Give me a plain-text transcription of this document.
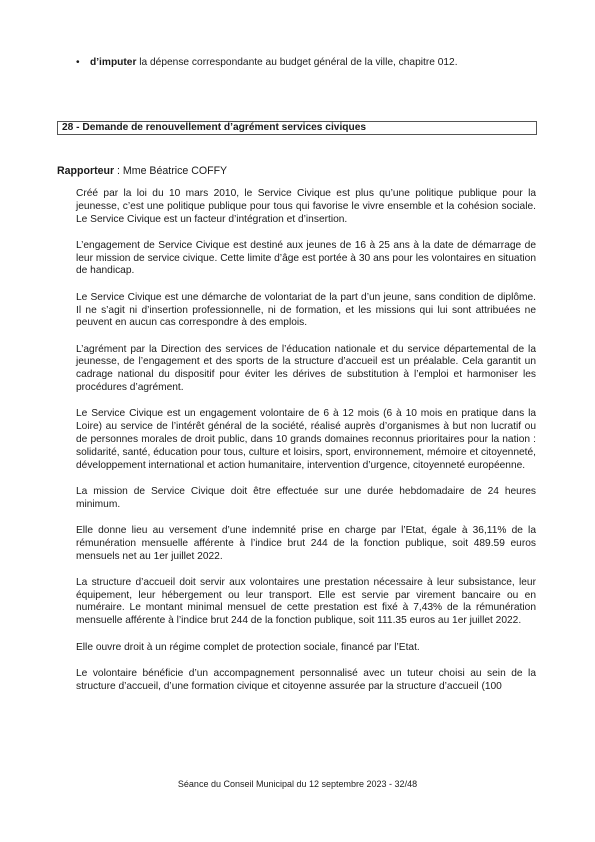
• d’imputer la dépense correspondante au budget général de la ville, chapitre 012.
28 - Demande de renouvellement d’agrément services civiques
Rapporteur : Mme Béatrice COFFY

Créé par la loi du 10 mars 2010, le Service Civique est plus qu’une politique publique pour la jeunesse, c’est une politique publique pour tous qui favorise le vivre ensemble et la cohésion sociale. Le Service Civique est un facteur d’intégration et d’insertion.

L’engagement de Service Civique est destiné aux jeunes de 16 à 25 ans à la date de démarrage de leur mission de service civique. Cette limite d’âge est portée à 30 ans pour les volontaires en situation de handicap.

Le Service Civique est une démarche de volontariat de la part d’un jeune, sans condition de diplôme. Il ne s’agit ni d’insertion professionnelle, ni de formation, et les missions qui lui sont attribuées ne peuvent en aucun cas correspondre à des emplois.

L’agrément par la Direction des services de l’éducation nationale et du service départemental de la jeunesse, de l’engagement et des sports de la structure d’accueil est un préalable. Cela garantit un cadrage national du dispositif pour éviter les dérives de substitution à l’emploi et harmoniser les procédures d’agrément.

Le Service Civique est un engagement volontaire de 6 à 12 mois (6 à 10 mois en pratique dans la Loire) au service de l’intérêt général de la société, réalisé auprès d’organismes à but non lucratif ou de personnes morales de droit public, dans 10 grands domaines reconnus prioritaires pour la nation : solidarité, santé, éducation pour tous, culture et loisirs, sport, environnement, mémoire et citoyenneté, développement international et action humanitaire, intervention d’urgence, citoyenneté européenne.

La mission de Service Civique doit être effectuée sur une durée hebdomadaire de 24 heures minimum.

Elle donne lieu au versement d’une indemnité prise en charge par l’Etat, égale à 36,11% de la rémunération mensuelle afférente à l’indice brut 244 de la fonction publique, soit 489.59 euros mensuels net au 1er juillet 2022.

La structure d’accueil doit servir aux volontaires une prestation nécessaire à leur subsistance, leur équipement, leur hébergement ou leur transport. Elle est servie par virement bancaire ou en numéraire. Le montant minimal mensuel de cette prestation est fixé à 7,43% de la rémunération mensuelle afférente à l’indice brut 244 de la fonction publique, soit 111.35 euros au 1er juillet 2022.

Elle ouvre droit à un régime complet de protection sociale, financé par l’Etat.

Le volontaire bénéficie d’un accompagnement personnalisé avec un tuteur choisi au sein de la structure d’accueil, d’une formation civique et citoyenne assurée par la structure d’accueil (100

Séance du Conseil Municipal du 12 septembre 2023 - 32/48
